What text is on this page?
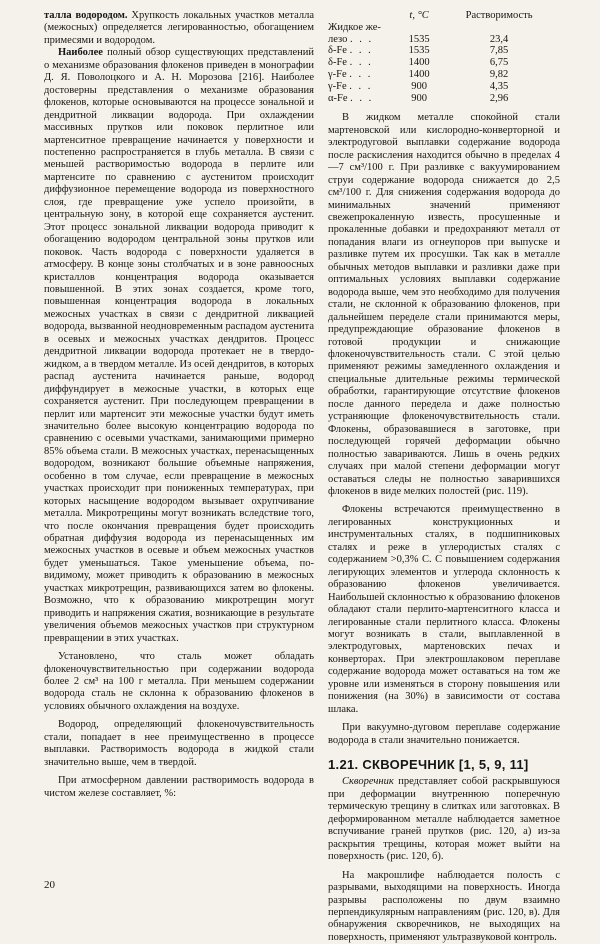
талла водородом. Хрупкость локальных участков металла (межосных) определяется легированностью, обогащением примесями и водородом.

Наиболее полный обзор существующих представлений о механизме образования флокенов приведен в монографии Д. Я. Поволоцкого и А. Н. Морозова [216]. Наиболее достоверны представления о механизме образования флокенов, которые основываются на процессе зональной и дендритной ликвации водорода. При охлаждении массивных прутков или поковок перлитное или мартенситное превращение начинается у поверхности и постепенно распространяется в глубь металла. В связи с меньшей растворимостью водорода в перлите или мартенсите по сравнению с аустенитом происходит диффузионное перемещение водорода из поверхностного слоя, где превращение уже успело произойти, в центральную зону, в которой еще сохраняется аустенит. Этот процесс зональной ликвации водорода приводит к обогащению водородом центральной зоны прутков или поковок. Часть водорода с поверхности удаляется в атмосферу. В конце зоны столбчатых и в зоне равноосных кристаллов концентрация водорода оказывается повышенной. В этих зонах создается, кроме того, повышенная концентрация водорода в локальных межосных участках в связи с дендритной ликвацией водорода, вызванной неодновременным распадом аустенита в осевых и межосных участках дендритов. Процесс дендритной ликвации водорода протекает не в твердо-жидком, а в твердом металле. Из осей дендритов, в которых распад аустенита начинается раньше, водород диффундирует в межосные участки, в которых еще сохраняется аустенит. При последующем превращении в перлит или мартенсит эти межосные участки будут иметь значительно более высокую концентрацию водорода по сравнению с осевыми участками, занимающими примерно 85% объема стали. В межосных участках, перенасыщенных водородом, возникают большие объемные напряжения, особенно в том случае, если превращение в межосных участках происходит при пониженных температурах, при которых насыщение водородом вызывает охрупчивание металла. Микротрещины могут возникать вследствие того, что после окончания превращения будет происходить обратная диффузия водорода из перенасыщенных им межосных участков в осевые и объем межосных участков будет уменьшаться. Такое уменьшение объема, по-видимому, может приводить к образованию в межосных участках микротрещин, развивающихся затем во флокены. Возможно, что к образованию микротрещин могут приводить и напряжения сжатия, возникающие в результате увеличения объемов межосных участков при структурном превращении в этих участках.

Установлено, что сталь может обладать флокеночувствительностью при содержании водорода более 2 см³ на 100 г металла. При меньшем содержании водорода сталь не склонна к образованию флокенов в условиях обычного охлаждения на воздухе.

Водород, определяющий флокеночувствительность стали, попадает в нее преимущественно в процессе выплавки. Растворимость водорода в жидкой стали значительно выше, чем в твердой.

При атмосферном давлении растворимость водорода в чистом железе составляет, %:

	t, °C	Растворимость
Жидкое же-		
лезо . . .	1535	23,4
δ-Fe . . .	1535	7,85
δ-Fe . . .	1400	6,75
γ-Fe . . .	1400	9,82
γ-Fe . . .	900	4,35
α-Fe . . .	900	2,96

В жидком металле спокойной стали мартеновской или кислородно-конверторной и электродуговой выплавки содержание водорода после раскисления находится обычно в пределах 4—7 см³/100 г. При разливке с вакуумированием струи содержание водорода снижается до 2,5 см³/100 г. Для снижения содержания водорода до минимальных значений применяют свежепрокаленную известь, просушенные и прокаленные добавки и предохраняют металл от попадания влаги из огнеупоров при выпуске и разливке путем их просушки. Так как в металле обычных методов выплавки и разливки даже при оптимальных условиях выплавки содержание водорода выше, чем это необходимо для получения стали, не склонной к образованию флокенов, при дальнейшем переделе стали принимаются меры, предупреждающие образование флокенов в готовой продукции и снижающие флокеночувствительность стали. С этой целью применяют режимы замедленного охлаждения и специальные длительные режимы термической обработки, гарантирующие отсутствие флокенов после данного передела и даже полностью устраняющие флокеночувствительность стали. Флокены, образовавшиеся в заготовке, при последующей горячей деформации обычно полностью завариваются. Лишь в очень редких случаях при малой степени деформации могут оставаться следы не полностью заварившихся флокенов в виде мелких полостей (рис. 119).

Флокены встречаются преимущественно в легированных конструкционных и инструментальных сталях, в подшипниковых сталях и реже в углеродистых сталях с содержанием >0,3% С. С повышением содержания легирующих элементов и углерода склонность к образованию флокенов увеличивается. Наибольшей склонностью к образованию флокенов обладают стали перлито-мартенситного класса и легированные стали перлитного класса. Флокены могут возникать в стали, выплавленной в электродуговых, мартеновских печах и конверторах. При электрошлаковом переплаве содержание водорода может оставаться на том же уровне или изменяться в сторону повышения или понижения (на 30%) в зависимости от состава шлака.

При вакуумно-дуговом переплаве содержание водорода в стали значительно понижается.

1.21. СКВОРЕЧНИК [1, 5, 9, 11]

Скворечник представляет собой раскрывшуюся при деформации внутреннюю поперечную термическую трещину в слитках или заготовках. В деформированном металле наблюдается заметное вспучивание граней прутков (рис. 120, а) из-за раскрытия трещины, которая может выйти на поверхность (рис. 120, б).

На макрошлифе наблюдается полость с разрывами, выходящими на поверхность. Иногда разрывы расположены по двум взаимно перпендикулярным направлениям (рис. 120, в). Для обнаружения скворечников, не выходящих на поверхность, применяют ультразвуковой контроль.

20
